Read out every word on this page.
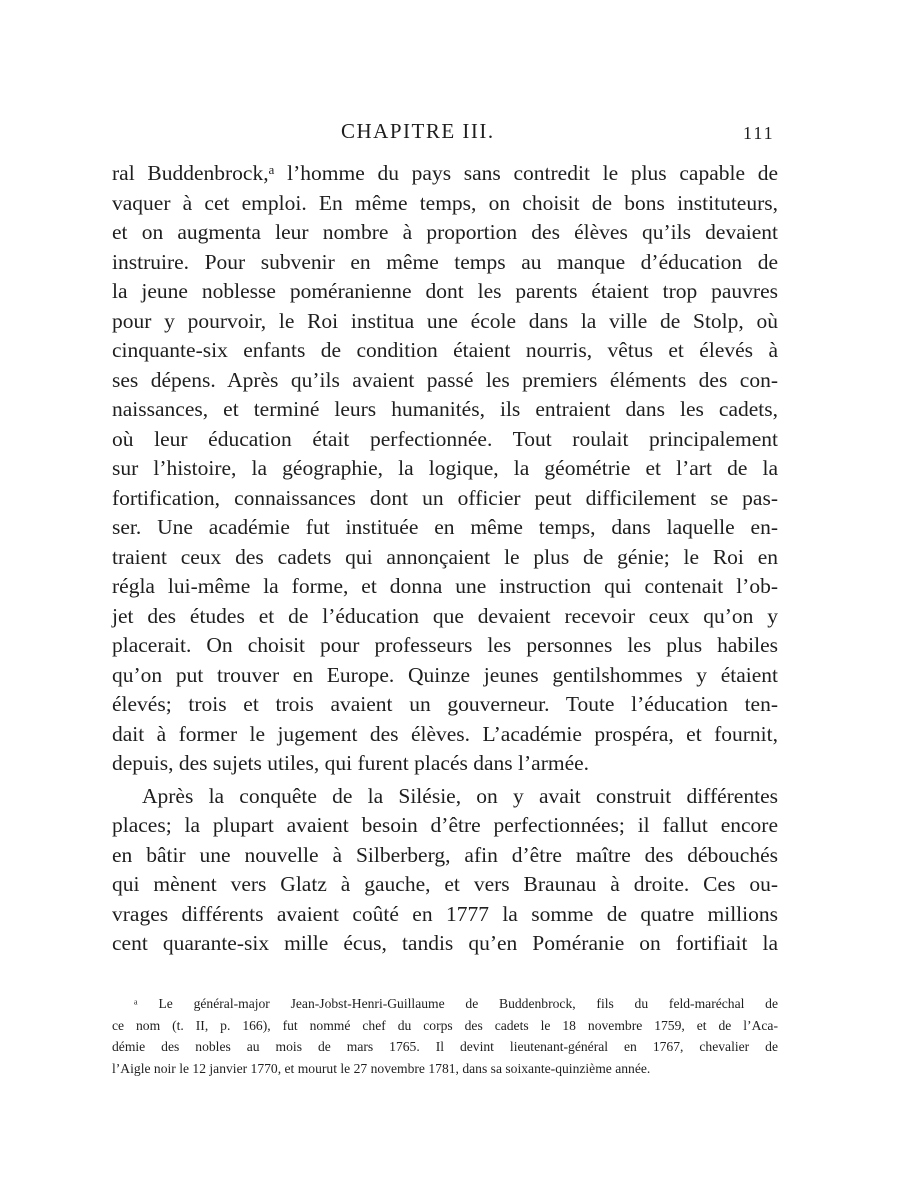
CHAPITRE III.	111
ral Buddenbrock,ᵃ l’homme du pays sans contredit le plus capable de
vaquer à cet emploi. En même temps, on choisit de bons instituteurs,
et on augmenta leur nombre à proportion des élèves qu’ils devaient
instruire. Pour subvenir en même temps au manque d’éducation de
la jeune noblesse poméranienne dont les parents étaient trop pauvres
pour y pourvoir, le Roi institua une école dans la ville de Stolp, où
cinquante-six enfants de condition étaient nourris, vêtus et élevés à
ses dépens. Après qu’ils avaient passé les premiers éléments des con-
naissances, et terminé leurs humanités, ils entraient dans les cadets,
où leur éducation était perfectionnée. Tout roulait principalement
sur l’histoire, la géographie, la logique, la géométrie et l’art de la
fortification, connaissances dont un officier peut difficilement se pas-
ser. Une académie fut instituée en même temps, dans laquelle en-
traient ceux des cadets qui annonçaient le plus de génie; le Roi en
régla lui-même la forme, et donna une instruction qui contenait l’ob-
jet des études et de l’éducation que devaient recevoir ceux qu’on y
placerait. On choisit pour professeurs les personnes les plus habiles
qu’on put trouver en Europe. Quinze jeunes gentilshommes y étaient
élevés; trois et trois avaient un gouverneur. Toute l’éducation ten-
dait à former le jugement des élèves. L’académie prospéra, et fournit,
depuis, des sujets utiles, qui furent placés dans l’armée.
Après la conquête de la Silésie, on y avait construit différentes
places; la plupart avaient besoin d’être perfectionnées; il fallut encore
en bâtir une nouvelle à Silberberg, afin d’être maître des débouchés
qui mènent vers Glatz à gauche, et vers Braunau à droite. Ces ou-
vrages différents avaient coûté en 1777 la somme de quatre millions
cent quarante-six mille écus, tandis qu’en Poméranie on fortifiait la
ᵃ Le général-major Jean-Jobst-Henri-Guillaume de Buddenbrock, fils du feld-maréchal de
ce nom (t. II, p. 166), fut nommé chef du corps des cadets le 18 novembre 1759, et de l’Aca-
démie des nobles au mois de mars 1765. Il devint lieutenant-général en 1767, chevalier de
l’Aigle noir le 12 janvier 1770, et mourut le 27 novembre 1781, dans sa soixante-quinzième année.
